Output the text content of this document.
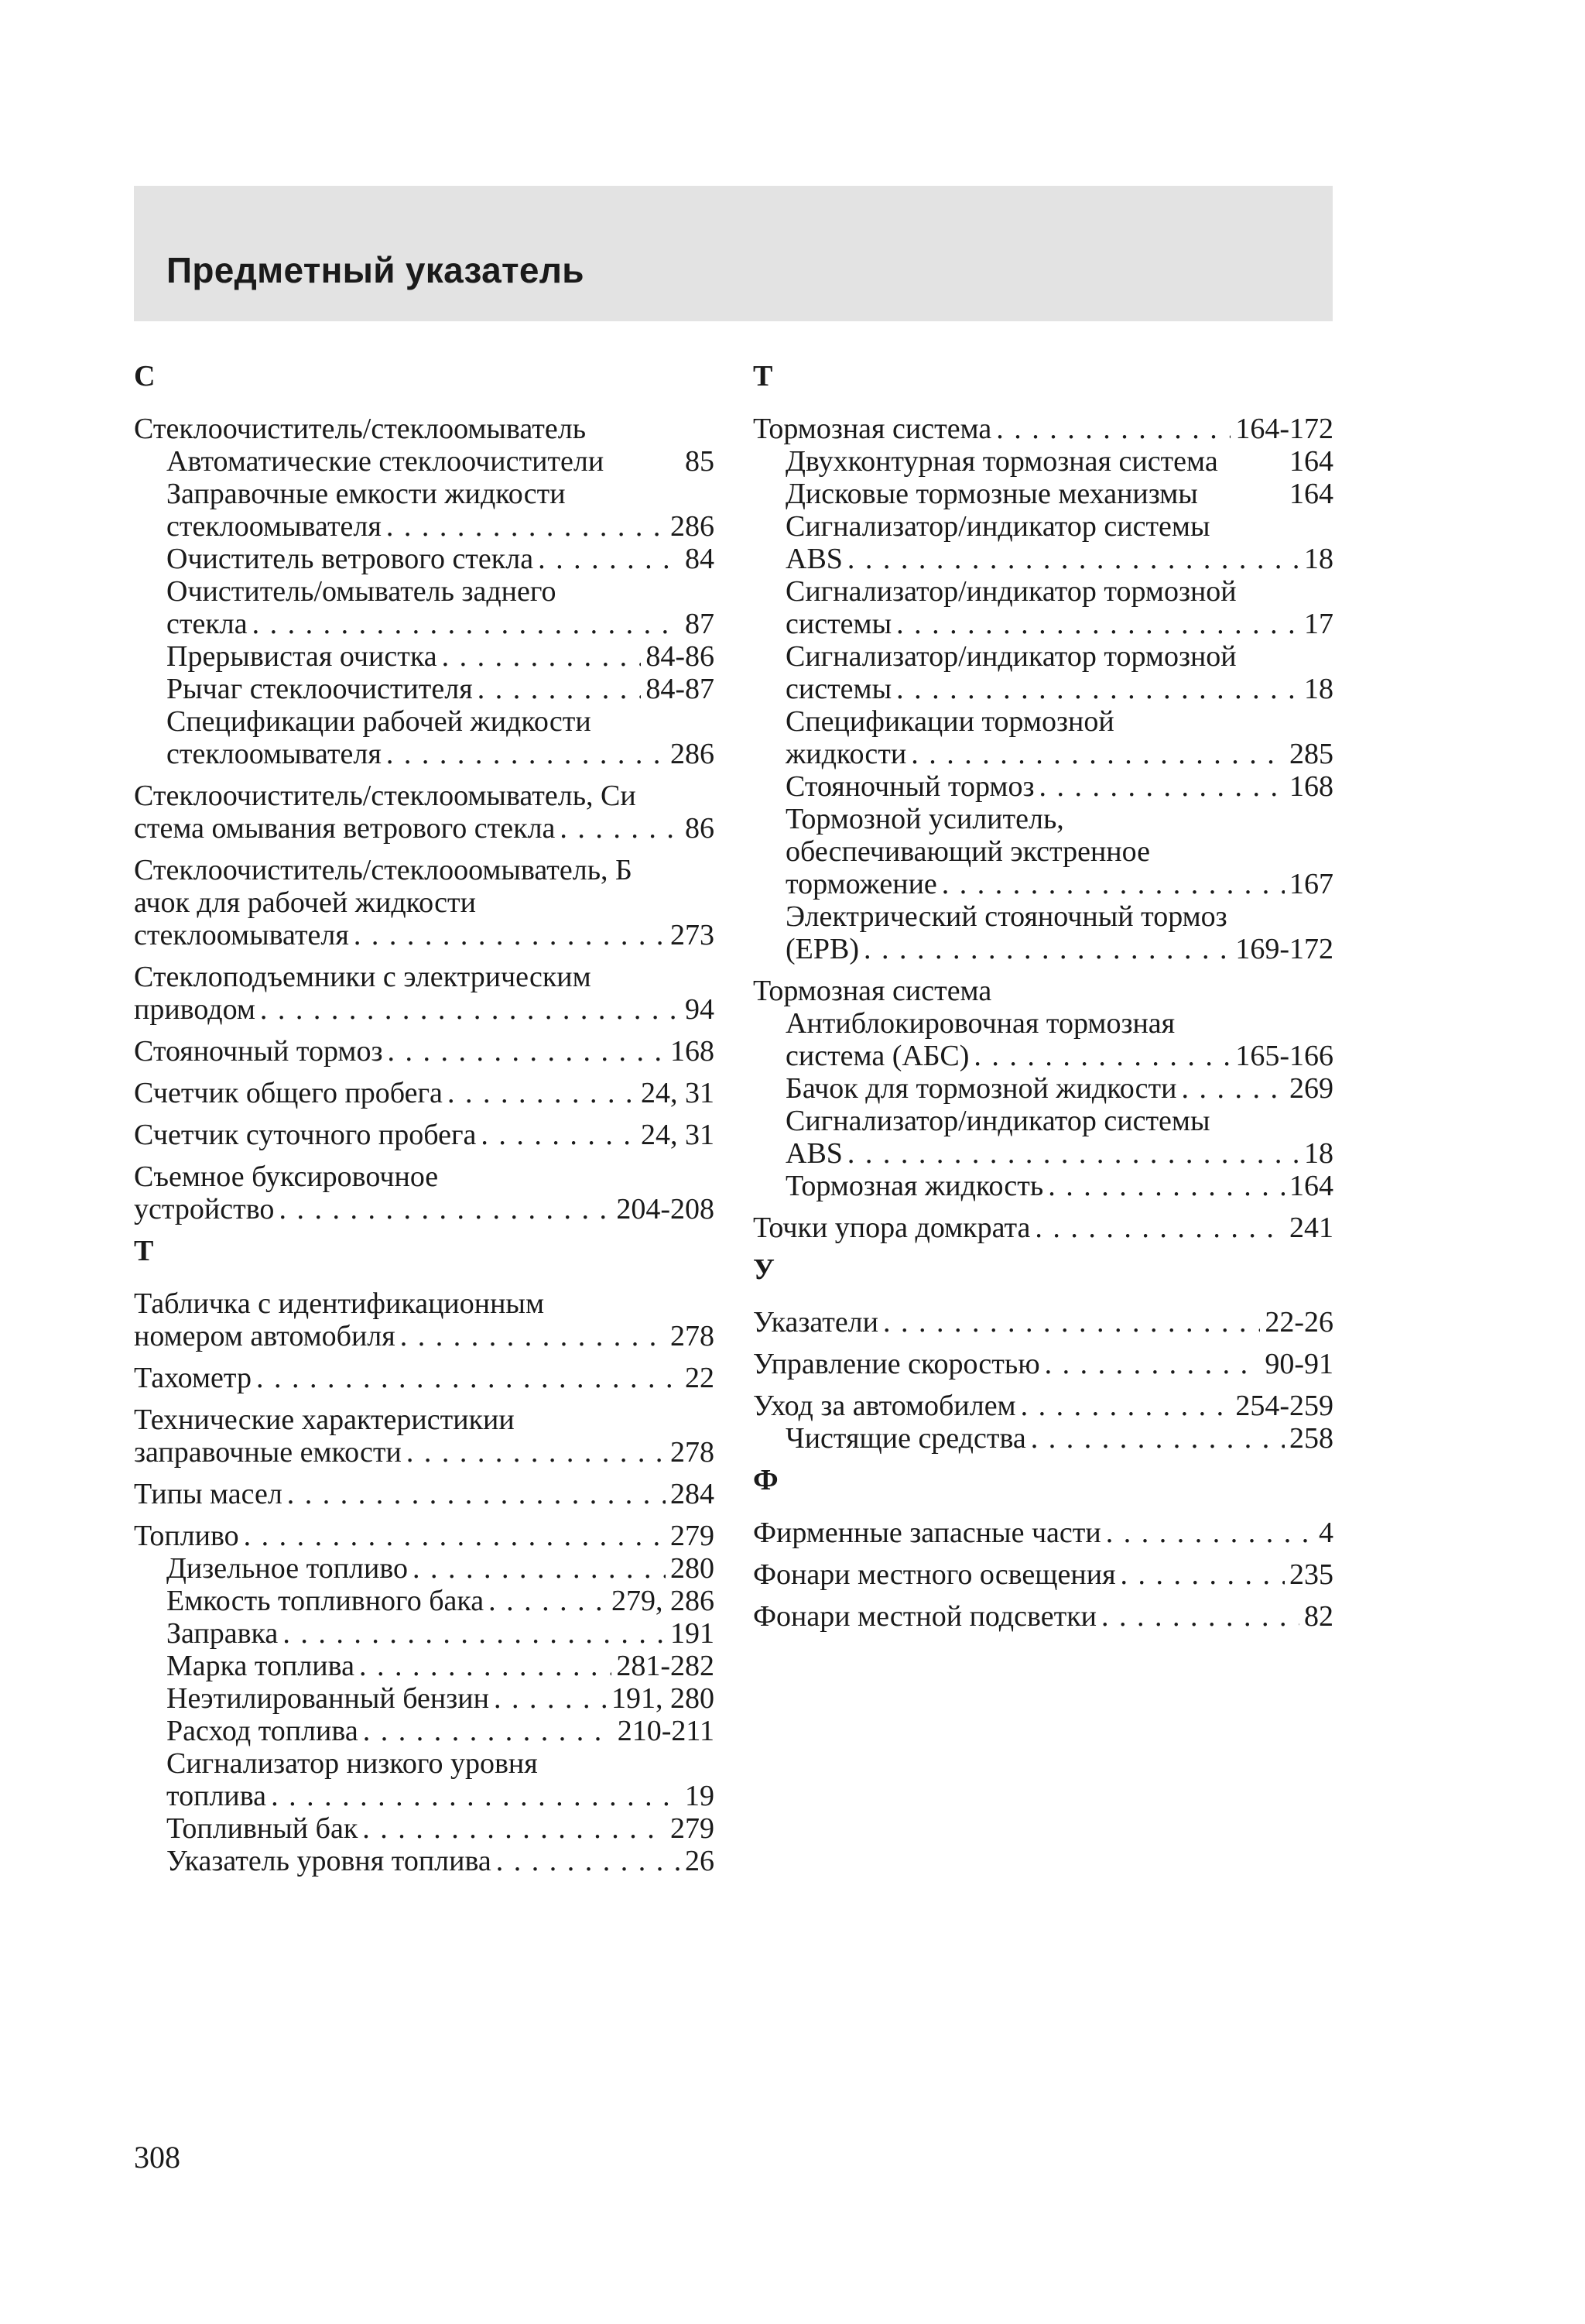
Предметный указатель
С
Стеклоочиститель/стеклоомыватель
Автоматические стеклоочистители	85
Заправочные емкости жидкости
стеклоомывателя . . .	286
Очиститель ветрового стекла . . .	84
Очиститель/омыватель заднего
стекла . . .	87
Прерывистая очистка . . .	84-86
Рычаг стеклоочистителя . . .	84-87
Спецификации рабочей жидкости
стеклоомывателя . . .	286
Стеклоочиститель/стеклоомыватель, Си
стема омывания ветрового стекла . . .	86
Стеклоочиститель/стеклооомыватель, Б
ачок для рабочей жидкости
стеклоомывателя . . .	273
Стеклоподъемники с электрическим
приводом . . .	94
Стояночный тормоз . . .	168
Счетчик общего пробега . . .	24, 31
Счетчик суточного пробега . . .	24, 31
Съемное буксировочное
устройство . . .	204-208
Т
Табличка с идентификационным
номером автомобиля . . .	278
Тахометр . . .	22
Технические характеристикии
заправочные емкости . . .	278
Типы масел . . .	284
Топливо . . .	279
Дизельное топливо . . .	280
Емкость топливного бака . . .	279, 286
Заправка . . .	191
Марка топлива . . .	281-282
Неэтилированный бензин . . .	191, 280
Расход топлива . . .	210-211
Сигнализатор низкого уровня
топлива . . .	19
Топливный бак . . .	279
Указатель уровня топлива . . .	26
Т
Тормозная система . . .	164-172
Двухконтурная тормозная система 164
Дисковые тормозные механизмы	164
Сигнализатор/индикатор системы
ABS . . .	18
Сигнализатор/индикатор тормозной
системы . . .	17
Сигнализатор/индикатор тормозной
системы . . .	18
Спецификации тормозной
жидкости . . .	285
Стояночный тормоз . . .	168
Тормозной усилитель,
обеспечивающий экстренное
торможение . . .	167
Электрический стояночный тормоз
(EPB) . . .	169-172
Тормозная система
Антиблокировочная тормозная
система (АБС) . . .	165-166
Бачок для тормозной жидкости . . .	269
Сигнализатор/индикатор системы
ABS . . .	18
Тормозная жидкость . . .	164
Точки упора домкрата . . .	241
У
Указатели . . .	22-26
Управление скоростью . . .	90-91
Уход за автомобилем . . .	254-259
Чистящие средства . . .	258
Ф
Фирменные запасные части . . .	4
Фонари местного освещения . . .	235
Фонари местной подсветки . . .	82
308
